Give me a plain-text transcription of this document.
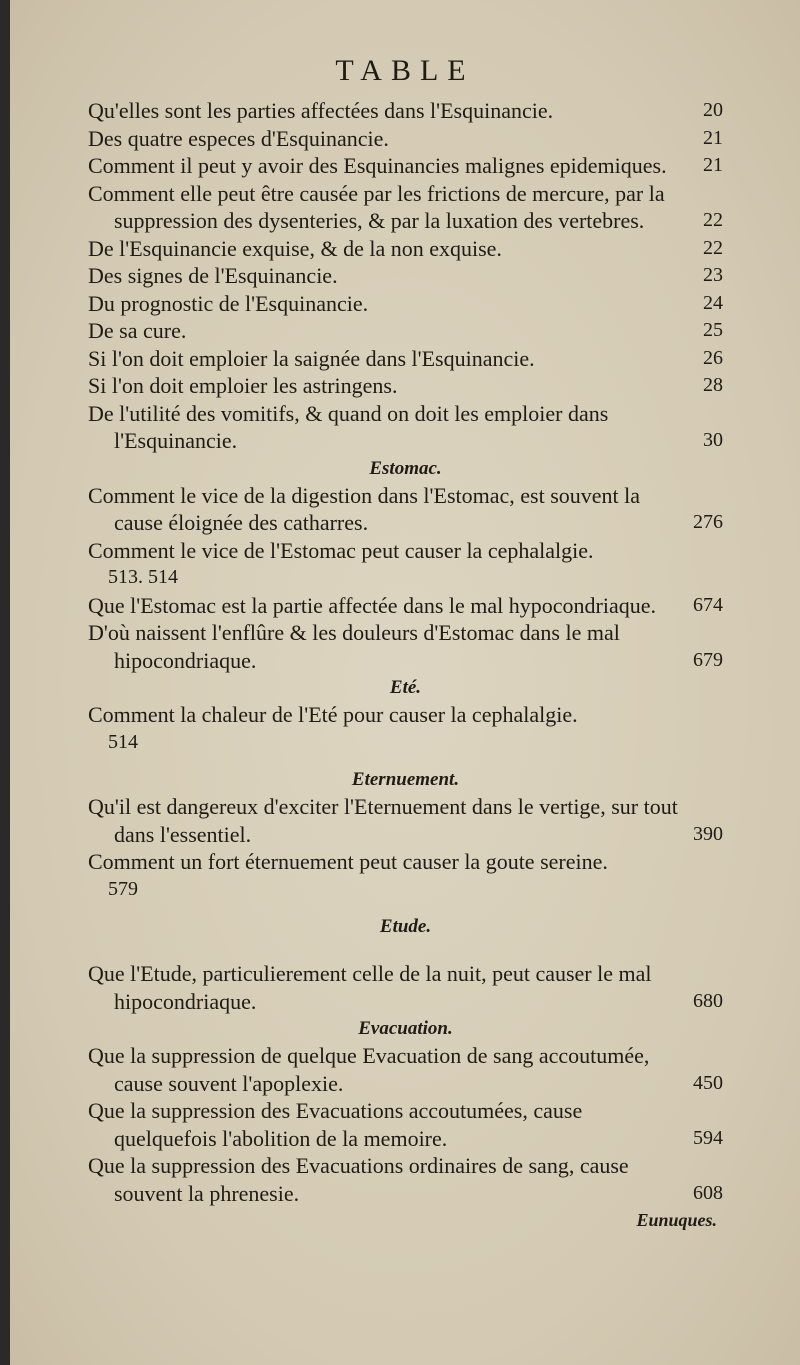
TABLE
Qu'elles sont les parties affectées dans l'Esquinancie.	20
Des quatre especes d'Esquinancie.	21
Comment il peut y avoir des Esquinancies malignes epidemiques. 21
Comment elle peut être causée par les frictions de mercure, par la suppression des dysenteries, & par la luxation des vertebres.	22
De l'Esquinancie exquise, & de la non exquise.	22
Des signes de l'Esquinancie.	23
Du prognostic de l'Esquinancie.	24
De sa cure.	25
Si l'on doit emploier la saignée dans l'Esquinancie.	26
Si l'on doit emploier les astringens.	28
De l'utilité des vomitifs, & quand on doit les emploier dans l'Esquinancie.	30
Estomac.
Comment le vice de la digestion dans l'Estomac, est souvent la cause éloignée des catharres.	276
Comment le vice de l'Estomac peut causer la cephalalgie.
513. 514
Que l'Estomac est la partie affectée dans le mal hypocondriaque. 674
D'où naissent l'enflûre & les douleurs d'Estomac dans le mal hipocondriaque.	679
Eté.
Comment la chaleur de l'Eté pour causer la cephalalgie.
514
Eternuement.
Qu'il est dangereux d'exciter l'Eternuement dans le vertige, sur tout dans l'essentiel.	390
Comment un fort éternuement peut causer la goute sereine.
579
Etude.
Que l'Etude, particulierement celle de la nuit, peut causer le mal hipocondriaque.	680
Evacuation.
Que la suppression de quelque Evacuation de sang accoutumée, cause souvent l'apoplexie.	450
Que la suppression des Evacuations accoutumées, cause quelquefois l'abolition de la memoire.	594
Que la suppression des Evacuations ordinaires de sang, cause souvent la phrenesie.	608
Eunuques.
